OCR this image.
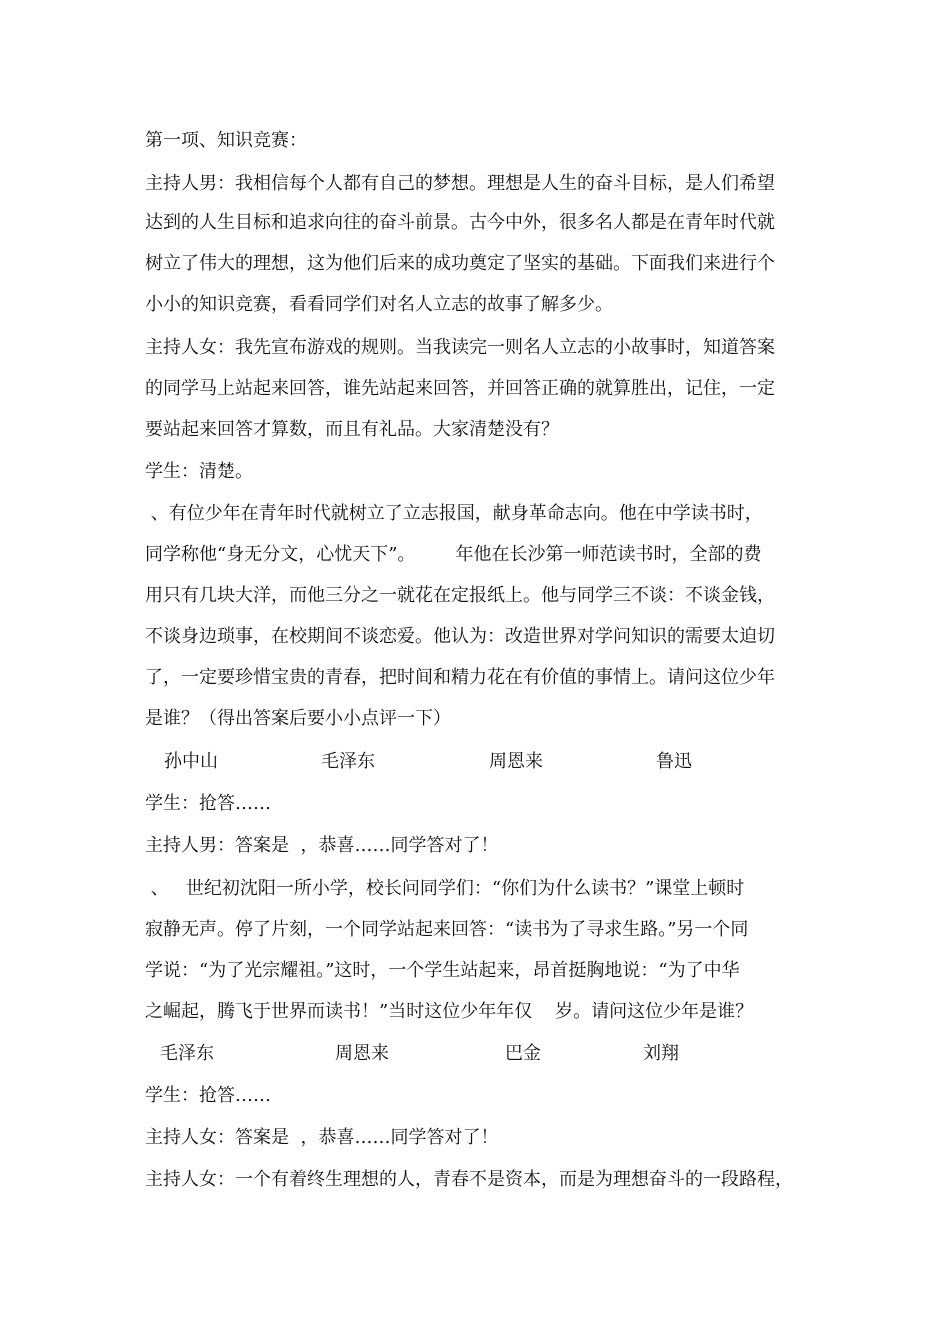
第一项、知识竞赛：
主持人男：我相信每个人都有自己的梦想。理想是人生的奋斗目标，是人们希望
达到的人生目标和追求向往的奋斗前景。古今中外，很多名人都是在青年时代就
树立了伟大的理想，这为他们后来的成功奠定了坚实的基础。下面我们来进行个
小小的知识竞赛，看看同学们对名人立志的故事了解多少。
主持人女：我先宣布游戏的规则。当我读完一则名人立志的小故事时，知道答案
的同学马上站起来回答，谁先站起来回答，并回答正确的就算胜出，记住，一定
要站起来回答才算数，而且有礼品。大家清楚没有？
学生：清楚。
、有位少年在青年时代就树立了立志报国，献身革命志向。他在中学读书时，
同学称他“身无分文，心忧天下”。       年他在长沙第一师范读书时，全部的费
用只有几块大洋，而他三分之一就花在定报纸上。他与同学三不谈：不谈金钱，
不谈身边琐事，在校期间不谈恋爱。他认为：改造世界对学问知识的需要太迫切
了，一定要珍惜宝贵的青春，把时间和精力花在有价值的事情上。请问这位少年
是谁？（得出答案后要小小点评一下）
孙中山	毛泽东	周恩来	鲁迅
学生：抢答……
主持人男：答案是  ，恭喜……同学答对了！
、   世纪初沈阳一所小学，校长问同学们：“你们为什么读书？”课堂上顿时
寂静无声。停了片刻，一个同学站起来回答：“读书为了寻求生路。”另一个同
学说：“为了光宗耀祖。”这时，一个学生站起来，昂首挺胸地说：“为了中华
之崛起，腾飞于世界而读书！”当时这位少年年仅    岁。请问这位少年是谁？
毛泽东	周恩来	巴金	刘翔
学生：抢答……
主持人女：答案是  ，恭喜……同学答对了！
主持人女：一个有着终生理想的人，青春不是资本，而是为理想奋斗的一段路程，
